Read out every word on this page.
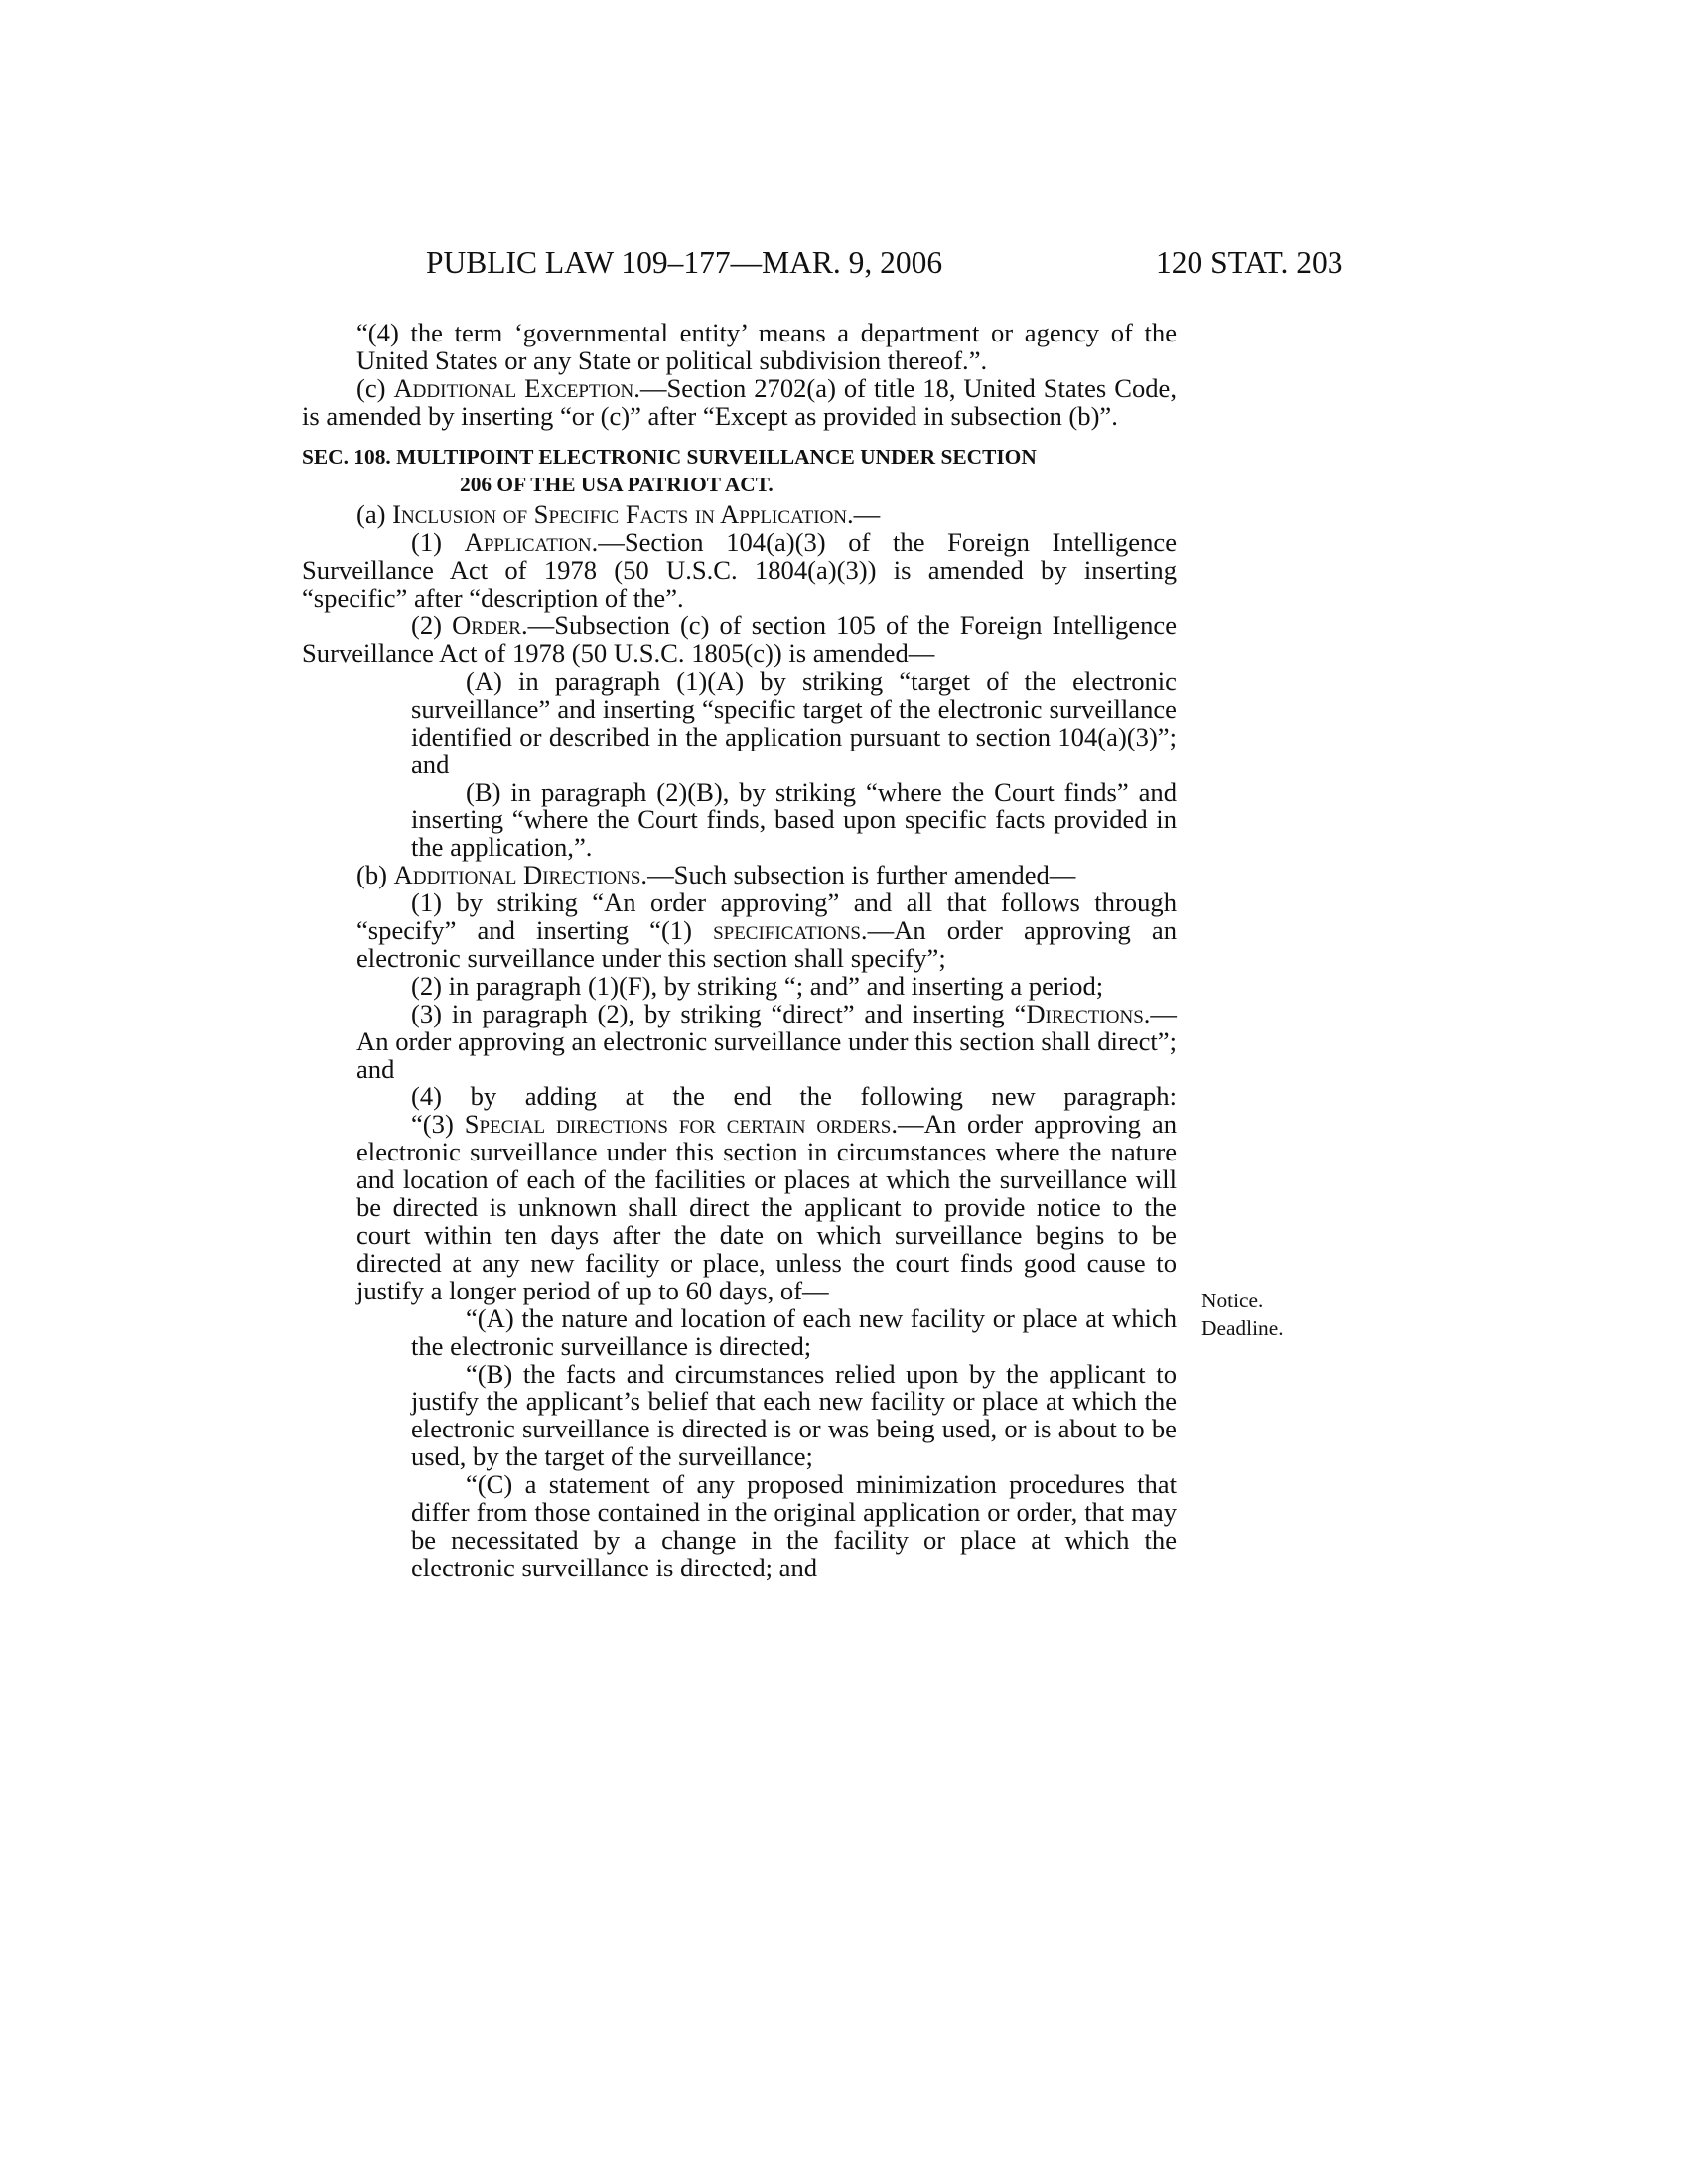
PUBLIC LAW 109–177—MAR. 9, 2006	120 STAT. 203
Notice.
Deadline.

“(4) the term ‘governmental entity’ means a department or agency of the United States or any State or political subdivision thereof.”.

(c) Additional Exception.—Section 2702(a) of title 18, United States Code, is amended by inserting “or (c)” after “Except as provided in subsection (b)”.

SEC. 108. MULTIPOINT ELECTRONIC SURVEILLANCE UNDER SECTION
206 OF THE USA PATRIOT ACT.

(a) Inclusion of Specific Facts in Application.—

(1) Application.—Section 104(a)(3) of the Foreign Intelligence Surveillance Act of 1978 (50 U.S.C. 1804(a)(3)) is amended by inserting “specific” after “description of the”.

(2) Order.—Subsection (c) of section 105 of the Foreign Intelligence Surveillance Act of 1978 (50 U.S.C. 1805(c)) is amended—

(A) in paragraph (1)(A) by striking “target of the electronic surveillance” and inserting “specific target of the electronic surveillance identified or described in the application pursuant to section 104(a)(3)”; and

(B) in paragraph (2)(B), by striking “where the Court finds” and inserting “where the Court finds, based upon specific facts provided in the application,”.

(b) Additional Directions.—Such subsection is further amended—

(1) by striking “An order approving” and all that follows through “specify” and inserting “(1) specifications.—An order approving an electronic surveillance under this section shall specify”;

(2) in paragraph (1)(F), by striking “; and” and inserting a period;

(3) in paragraph (2), by striking “direct” and inserting “Directions.—An order approving an electronic surveillance under this section shall direct”; and

(4) by adding at the end the following new paragraph:

“(3) Special directions for certain orders.—An order approving an electronic surveillance under this section in circumstances where the nature and location of each of the facilities or places at which the surveillance will be directed is unknown shall direct the applicant to provide notice to the court within ten days after the date on which surveillance begins to be directed at any new facility or place, unless the court finds good cause to justify a longer period of up to 60 days, of—

“(A) the nature and location of each new facility or place at which the electronic surveillance is directed;

“(B) the facts and circumstances relied upon by the applicant to justify the applicant’s belief that each new facility or place at which the electronic surveillance is directed is or was being used, or is about to be used, by the target of the surveillance;

“(C) a statement of any proposed minimization procedures that differ from those contained in the original application or order, that may be necessitated by a change in the facility or place at which the electronic surveillance is directed; and
